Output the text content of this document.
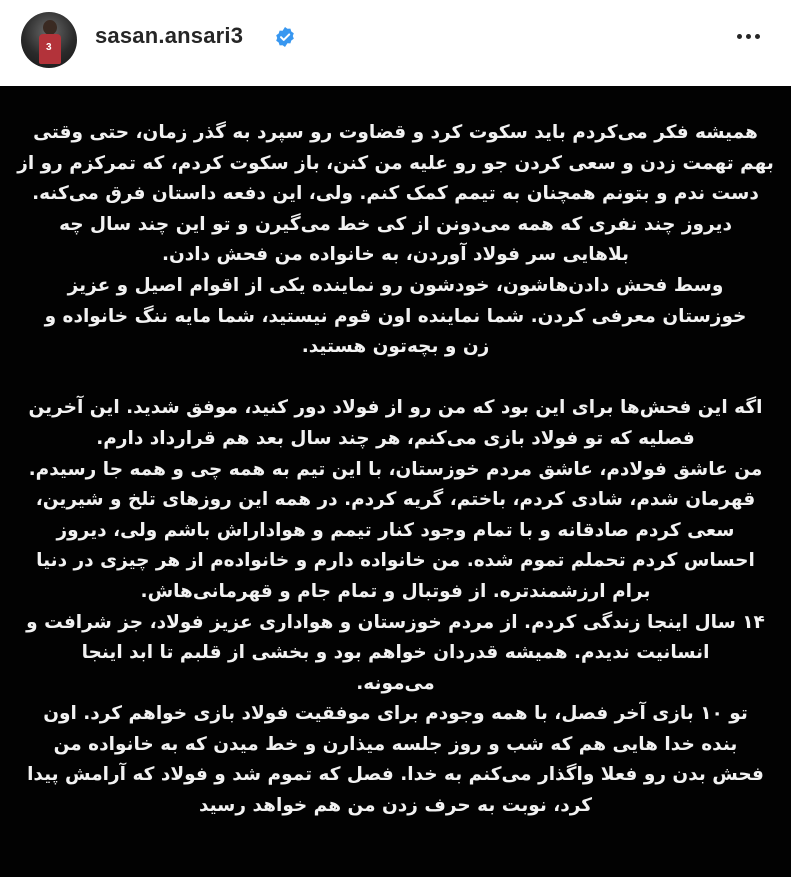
3 sasan.ansari3
همیشه فکر می‌کردم باید سکوت کرد و قضاوت رو سپرد به گذر زمان، حتی وقتی
بهم تهمت زدن و سعی کردن جو رو علیه من کنن، باز سکوت کردم، که تمرکزم رو از
دست ندم و بتونم همچنان به تیمم کمک کنم. ولی، این دفعه داستان فرق می‌کنه.
دیروز چند نفری که همه می‌دونن از کی خط می‌گیرن و تو این چند سال چه
بلاهایی سر فولاد آوردن، به خانواده من فحش دادن.
وسط فحش دادن‌هاشون، خودشون رو نماینده یکی از اقوام اصیل و عزیز
خوزستان معرفی کردن. شما نماینده اون قوم نیستید، شما مایه ننگ خانواده و
زن و بچه‌تون هستید.
اگه این فحش‌ها برای این بود که من رو از فولاد دور کنید، موفق شدید. این آخرین
فصلیه که تو فولاد بازی می‌کنم، هر چند سال بعد هم قرارداد دارم.
من عاشق فولادم، عاشق مردم خوزستان، با این تیم به همه چی و همه جا رسیدم.
قهرمان شدم، شادی کردم، باختم، گریه کردم. در همه این روزهای تلخ و شیرین،
سعی کردم صادقانه و با تمام وجود کنار تیمم و هواداراش باشم ولی، دیروز
احساس کردم تحملم تموم شده. من خانواده دارم و خانواده‌م از هر چیزی در دنیا
برام ارزشمندتره. از فوتبال و تمام جام و قهرمانی‌هاش.
۱۴ سال اینجا زندگی کردم. از مردم خوزستان و هواداری عزیز فولاد، جز شرافت و
انسانیت ندیدم. همیشه قدردان خواهم بود و بخشی از قلبم تا ابد اینجا
می‌مونه.
تو ۱۰ بازی آخر فصل، با همه وجودم برای موفقیت فولاد بازی خواهم کرد. اون
بنده خدا هایی هم که شب و روز جلسه میذارن و خط میدن که به خانواده من
فحش بدن رو فعلا واگذار می‌کنم به خدا. فصل که تموم شد و فولاد که آرامش پیدا
کرد، نوبت به حرف زدن من هم خواهد رسید
